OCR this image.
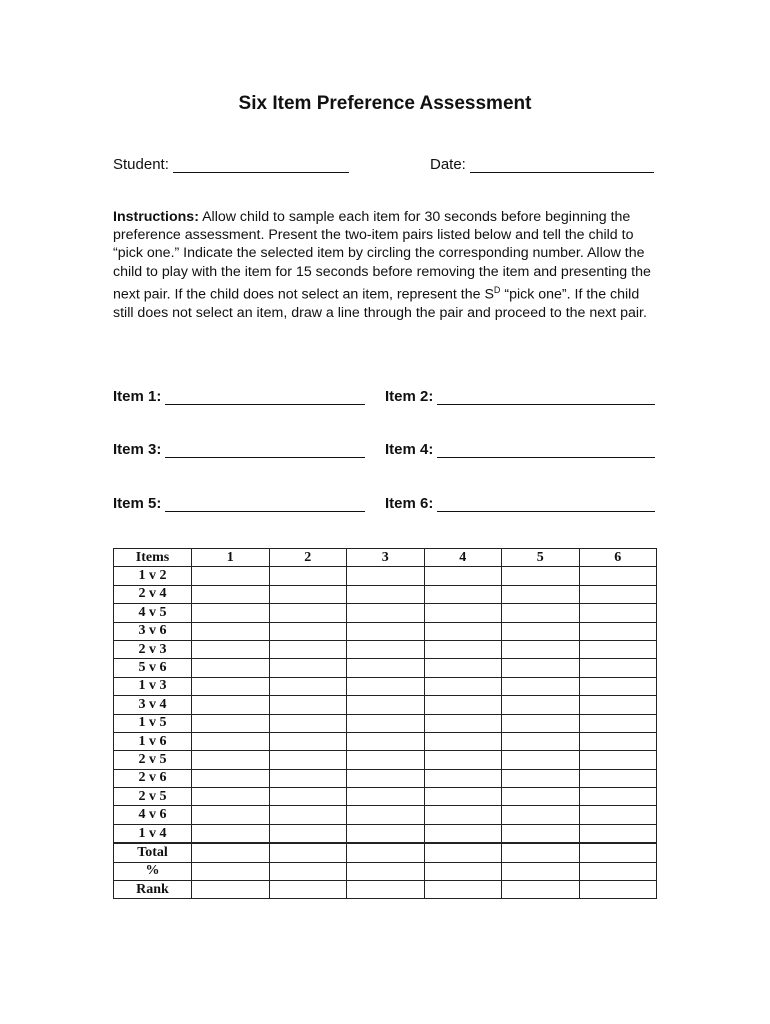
Six Item Preference Assessment
Student:	Date:
Instructions: Allow child to sample each item for 30 seconds before beginning the preference assessment. Present the two-item pairs listed below and tell the child to “pick one.” Indicate the selected item by circling the corresponding number. Allow the child to play with the item for 15 seconds before removing the item and presenting the next pair. If the child does not select an item, represent the $S^D$ “pick one”. If the child still does not select an item, draw a line through the pair and proceed to the next pair.
Item 1:	Item 2:
Item 3:	Item 4:
Item 5:	Item 6:
Items	1	2	3	4	5	6
1 v 2						
2 v 4						
4 v 5						
3 v 6						
2 v 3						
5 v 6						
1 v 3						
3 v 4						
1 v 5						
1 v 6						
2 v 5						
2 v 6						
2 v 5						
4 v 6						
1 v 4						
Total						
%						
Rank						
